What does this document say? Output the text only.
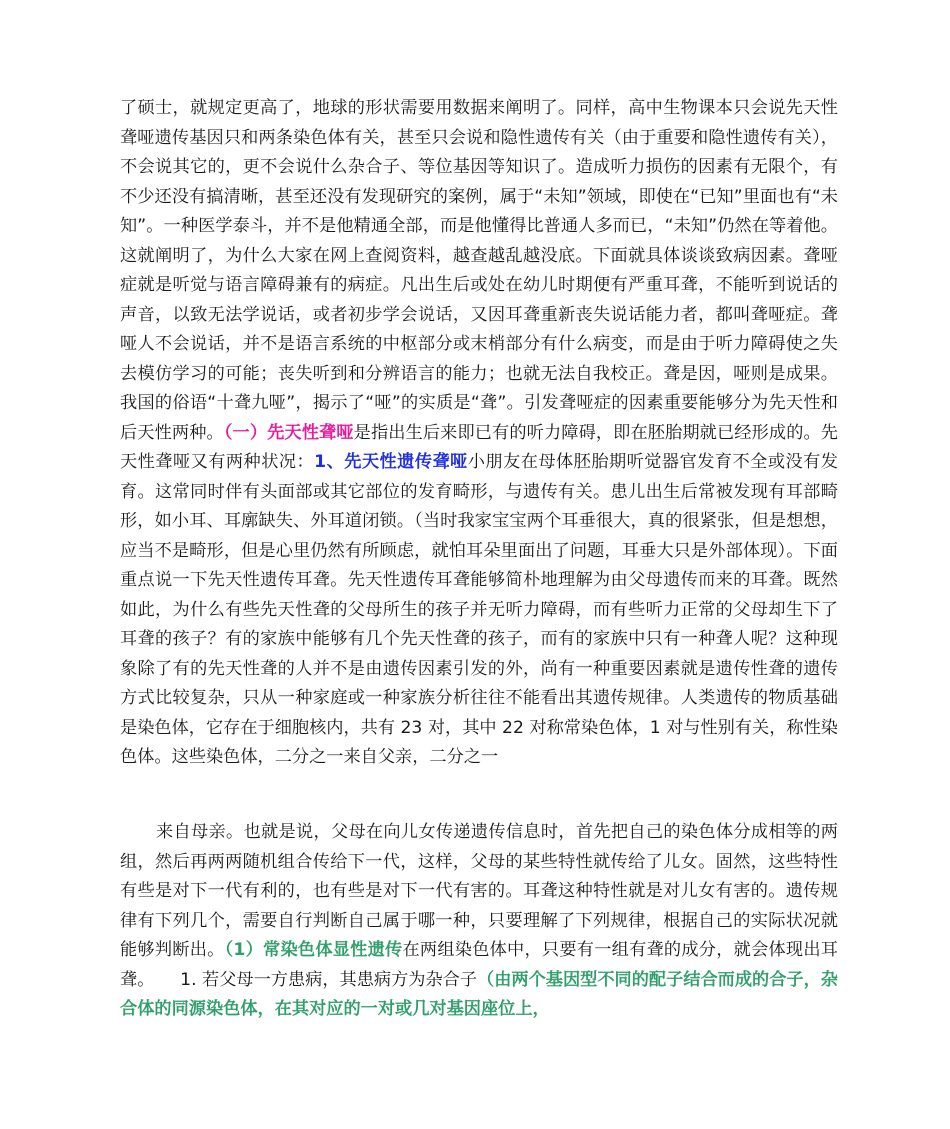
了硕士，就规定更高了，地球的形状需要用数据来阐明了。同样，高中生物课本只会说先天性聋哑遗传基因只和两条染色体有关，甚至只会说和隐性遗传有关（由于重要和隐性遗传有关），不会说其它的，更不会说什么杂合子、等位基因等知识了。造成听力损伤的因素有无限个，有不少还没有搞清晰，甚至还没有发现研究的案例，属于“未知”领域，即使在“已知”里面也有“未知”。一种医学泰斗，并不是他精通全部，而是他懂得比普通人多而已，“未知”仍然在等着他。这就阐明了，为什么大家在网上查阅资料，越查越乱越没底。下面就具体谈谈致病因素。聋哑症就是听觉与语言障碍兼有的病症。凡出生后或处在幼儿时期便有严重耳聋，不能听到说话的声音，以致无法学说话，或者初步学会说话，又因耳聋重新丧失说话能力者，都叫聋哑症。聋哑人不会说话，并不是语言系统的中枢部分或末梢部分有什么病变，而是由于听力障碍使之失去模仿学习的可能；丧失听到和分辨语言的能力；也就无法自我校正。聋是因，哑则是成果。我国的俗语“十聋九哑”，揭示了“哑”的实质是“聋”。引发聋哑症的因素重要能够分为先天性和后天性两种。（一）先天性聋哑是指出生后来即已有的听力障碍，即在胚胎期就已经形成的。先天性聋哑又有两种状况：1、先天性遗传聋哑小朋友在母体胚胎期听觉器官发育不全或没有发育。这常同时伴有头面部或其它部位的发育畸形，与遗传有关。患儿出生后常被发现有耳部畸形，如小耳、耳廓缺失、外耳道闭锁。（当时我家宝宝两个耳垂很大，真的很紧张，但是想想，应当不是畸形，但是心里仍然有所顾虑，就怕耳朵里面出了问题，耳垂大只是外部体现）。下面重点说一下先天性遗传耳聋。先天性遗传耳聋能够简朴地理解为由父母遗传而来的耳聋。既然如此，为什么有些先天性聋的父母所生的孩子并无听力障碍，而有些听力正常的父母却生下了耳聋的孩子？有的家族中能够有几个先天性聋的孩子，而有的家族中只有一种聋人呢？这种现象除了有的先天性聋的人并不是由遗传因素引发的外，尚有一种重要因素就是遗传性聋的遗传方式比较复杂，只从一种家庭或一种家族分析往往不能看出其遗传规律。人类遗传的物质基础是染色体，它存在于细胞核内，共有 23 对，其中 22 对称常染色体，1 对与性别有关，称性染色体。这些染色体，二分之一来自父亲，二分之一

来自母亲。也就是说，父母在向儿女传递遗传信息时，首先把自己的染色体分成相等的两组，然后再两两随机组合传给下一代，这样，父母的某些特性就传给了儿女。固然，这些特性有些是对下一代有利的，也有些是对下一代有害的。耳聋这种特性就是对儿女有害的。遗传规律有下列几个，需要自行判断自己属于哪一种，只要理解了下列规律，根据自己的实际状况就能够判断出。（1）常染色体显性遗传在两组染色体中，只要有一组有聋的成分，就会体现出耳聋。　　1. 若父母一方患病，其患病方为杂合子（由两个基因型不同的配子结合而成的合子，杂合体的同源染色体，在其对应的一对或几对基因座位上，
